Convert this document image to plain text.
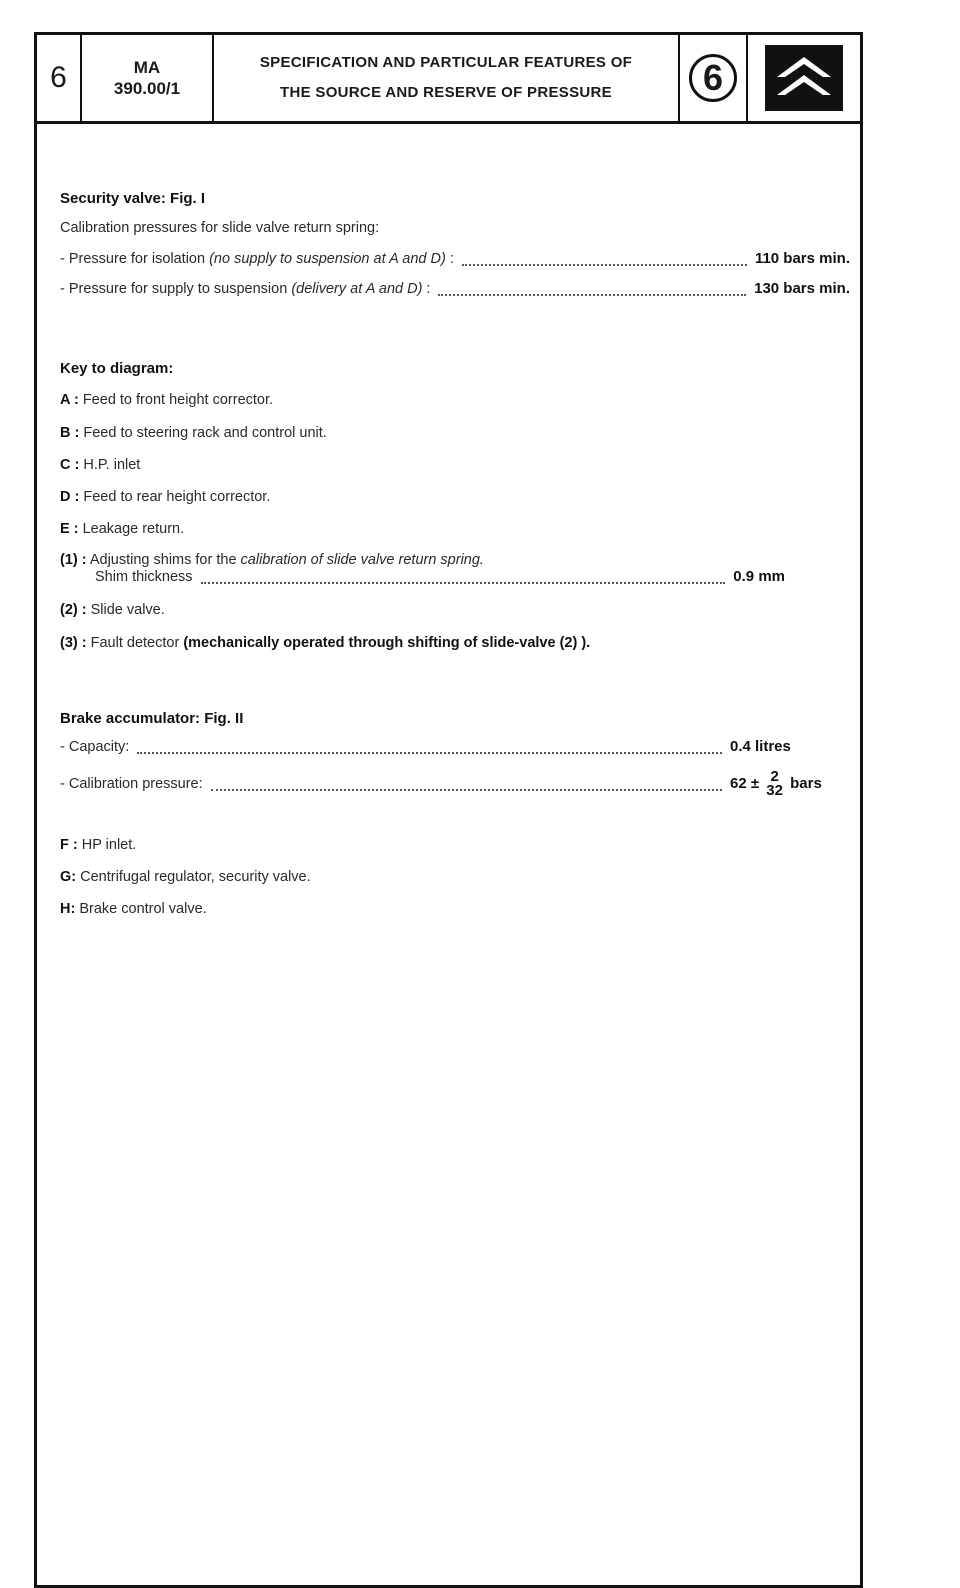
6	MA
390.00/1
SPECIFICATION AND PARTICULAR FEATURES OF
THE SOURCE AND RESERVE OF PRESSURE	6
Security valve: Fig. I
Calibration pressures for slide valve return spring:
- Pressure for isolation (no supply to suspension at A and D) :	110 bars min.
- Pressure for supply to suspension (delivery at A and D) :	130 bars min.
Key to diagram:
A : Feed to front height corrector.
B : Feed to steering rack and control unit.
C : H.P. inlet
D : Feed to rear height corrector.
E : Leakage return.
(1) : Adjusting shims for the calibration of slide valve return spring.
Shim thickness	0.9 mm
(2) : Slide valve.
(3) : Fault detector (mechanically operated through shifting of slide-valve (2) ).
Brake accumulator: Fig. II
- Capacity:	0.4 litres
- Calibration pressure:	62 ± 2
32 bars
F : HP inlet.
G: Centrifugal regulator, security valve.
H: Brake control valve.
